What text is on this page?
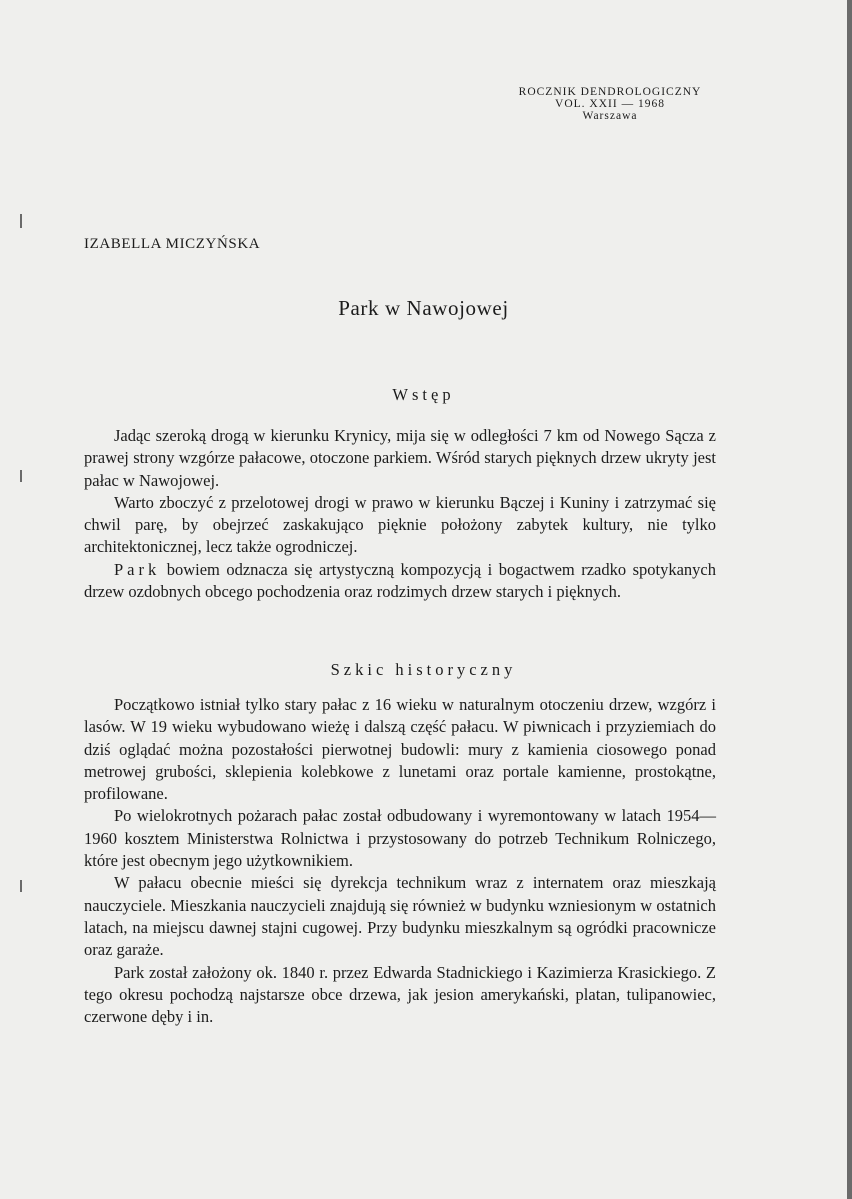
ROCZNIK DENDROLOGICZNY
VOL. XXII — 1968
Warszawa
IZABELLA MICZYŃSKA
Park w Nawojowej
Wstęp

Jadąc szeroką drogą w kierunku Krynicy, mija się w odległości 7 km od Nowego Sącza z prawej strony wzgórze pałacowe, otoczone parkiem. Wśród starych pięknych drzew ukryty jest pałac w Nawojowej.

Warto zboczyć z przelotowej drogi w prawo w kierunku Bączej i Kuniny i zatrzymać się chwil parę, by obejrzeć zaskakująco pięknie położony zabytek kultury, nie tylko architektonicznej, lecz także ogrodniczej.

Park bowiem odznacza się artystyczną kompozycją i bogactwem rzadko spotykanych drzew ozdobnych obcego pochodzenia oraz rodzimych drzew starych i pięknych.

Szkic historyczny

Początkowo istniał tylko stary pałac z 16 wieku w naturalnym otoczeniu drzew, wzgórz i lasów. W 19 wieku wybudowano wieżę i dalszą część pałacu. W piwnicach i przyziemiach do dziś oglądać można pozostałości pierwotnej budowli: mury z kamienia ciosowego ponad metrowej grubości, sklepienia kolebkowe z lunetami oraz portale kamienne, prostokątne, profilowane.

Po wielokrotnych pożarach pałac został odbudowany i wyremontowany w latach 1954—1960 kosztem Ministerstwa Rolnictwa i przystosowany do potrzeb Technikum Rolniczego, które jest obecnym jego użytkownikiem.

W pałacu obecnie mieści się dyrekcja technikum wraz z internatem oraz mieszkają nauczyciele. Mieszkania nauczycieli znajdują się również w budynku wzniesionym w ostatnich latach, na miejscu dawnej stajni cugowej. Przy budynku mieszkalnym są ogródki pracownicze oraz garaże.

Park został założony ok. 1840 r. przez Edwarda Stadnickiego i Kazimierza Krasickiego. Z tego okresu pochodzą najstarsze obce drzewa, jak jesion amerykański, platan, tulipanowiec, czerwone dęby i in.
